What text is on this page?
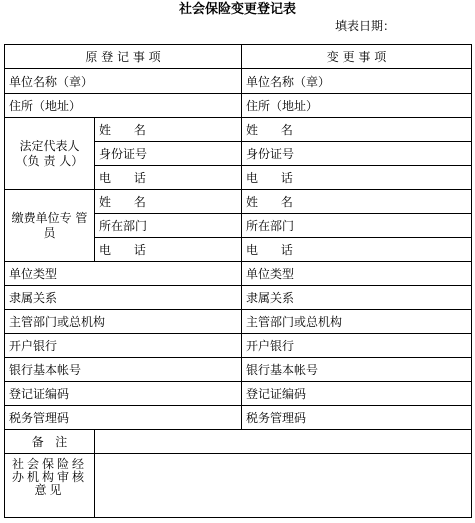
社会保险变更登记表
填表日期：
原 登 记 事 项		变 更 事 项
单位名称（章）		单位名称（章）
住所（地址）		住所（地址）
法定代表人（负 责 人）	姓      名	姓      名
	身份证号	身份证号
	电      话	电      话
缴费单位专 管 员	姓      名	姓      名
	所在部门	所在部门
	电      话	电      话
单位类型		单位类型
隶属关系		隶属关系
主管部门或总机构		主管部门或总机构
开户银行		开户银行
银行基本帐号		银行基本帐号
登记证编码		登记证编码
税务管理码		税务管理码
备   注		
社会保险经办机构审核意见		
